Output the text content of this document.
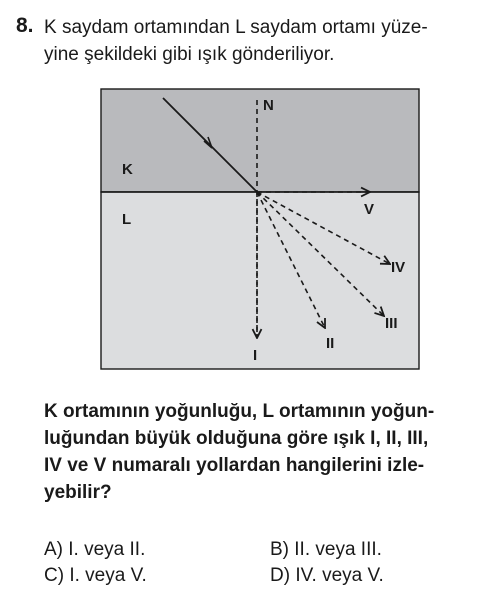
8. K saydam ortamından L saydam ortamı yüze-
yine şekildeki gibi ışık gönderiliyor.
N
K
L
I
II
III
IV
V
K ortamının yoğunluğu, L ortamının yoğun-
luğundan büyük olduğuna göre ışık I, II, III,
IV ve V numaralı yollardan hangilerini izle-
yebilir?
A) I. veya II.	B) II. veya III.
C) I. veya V.	D) IV. veya V.
